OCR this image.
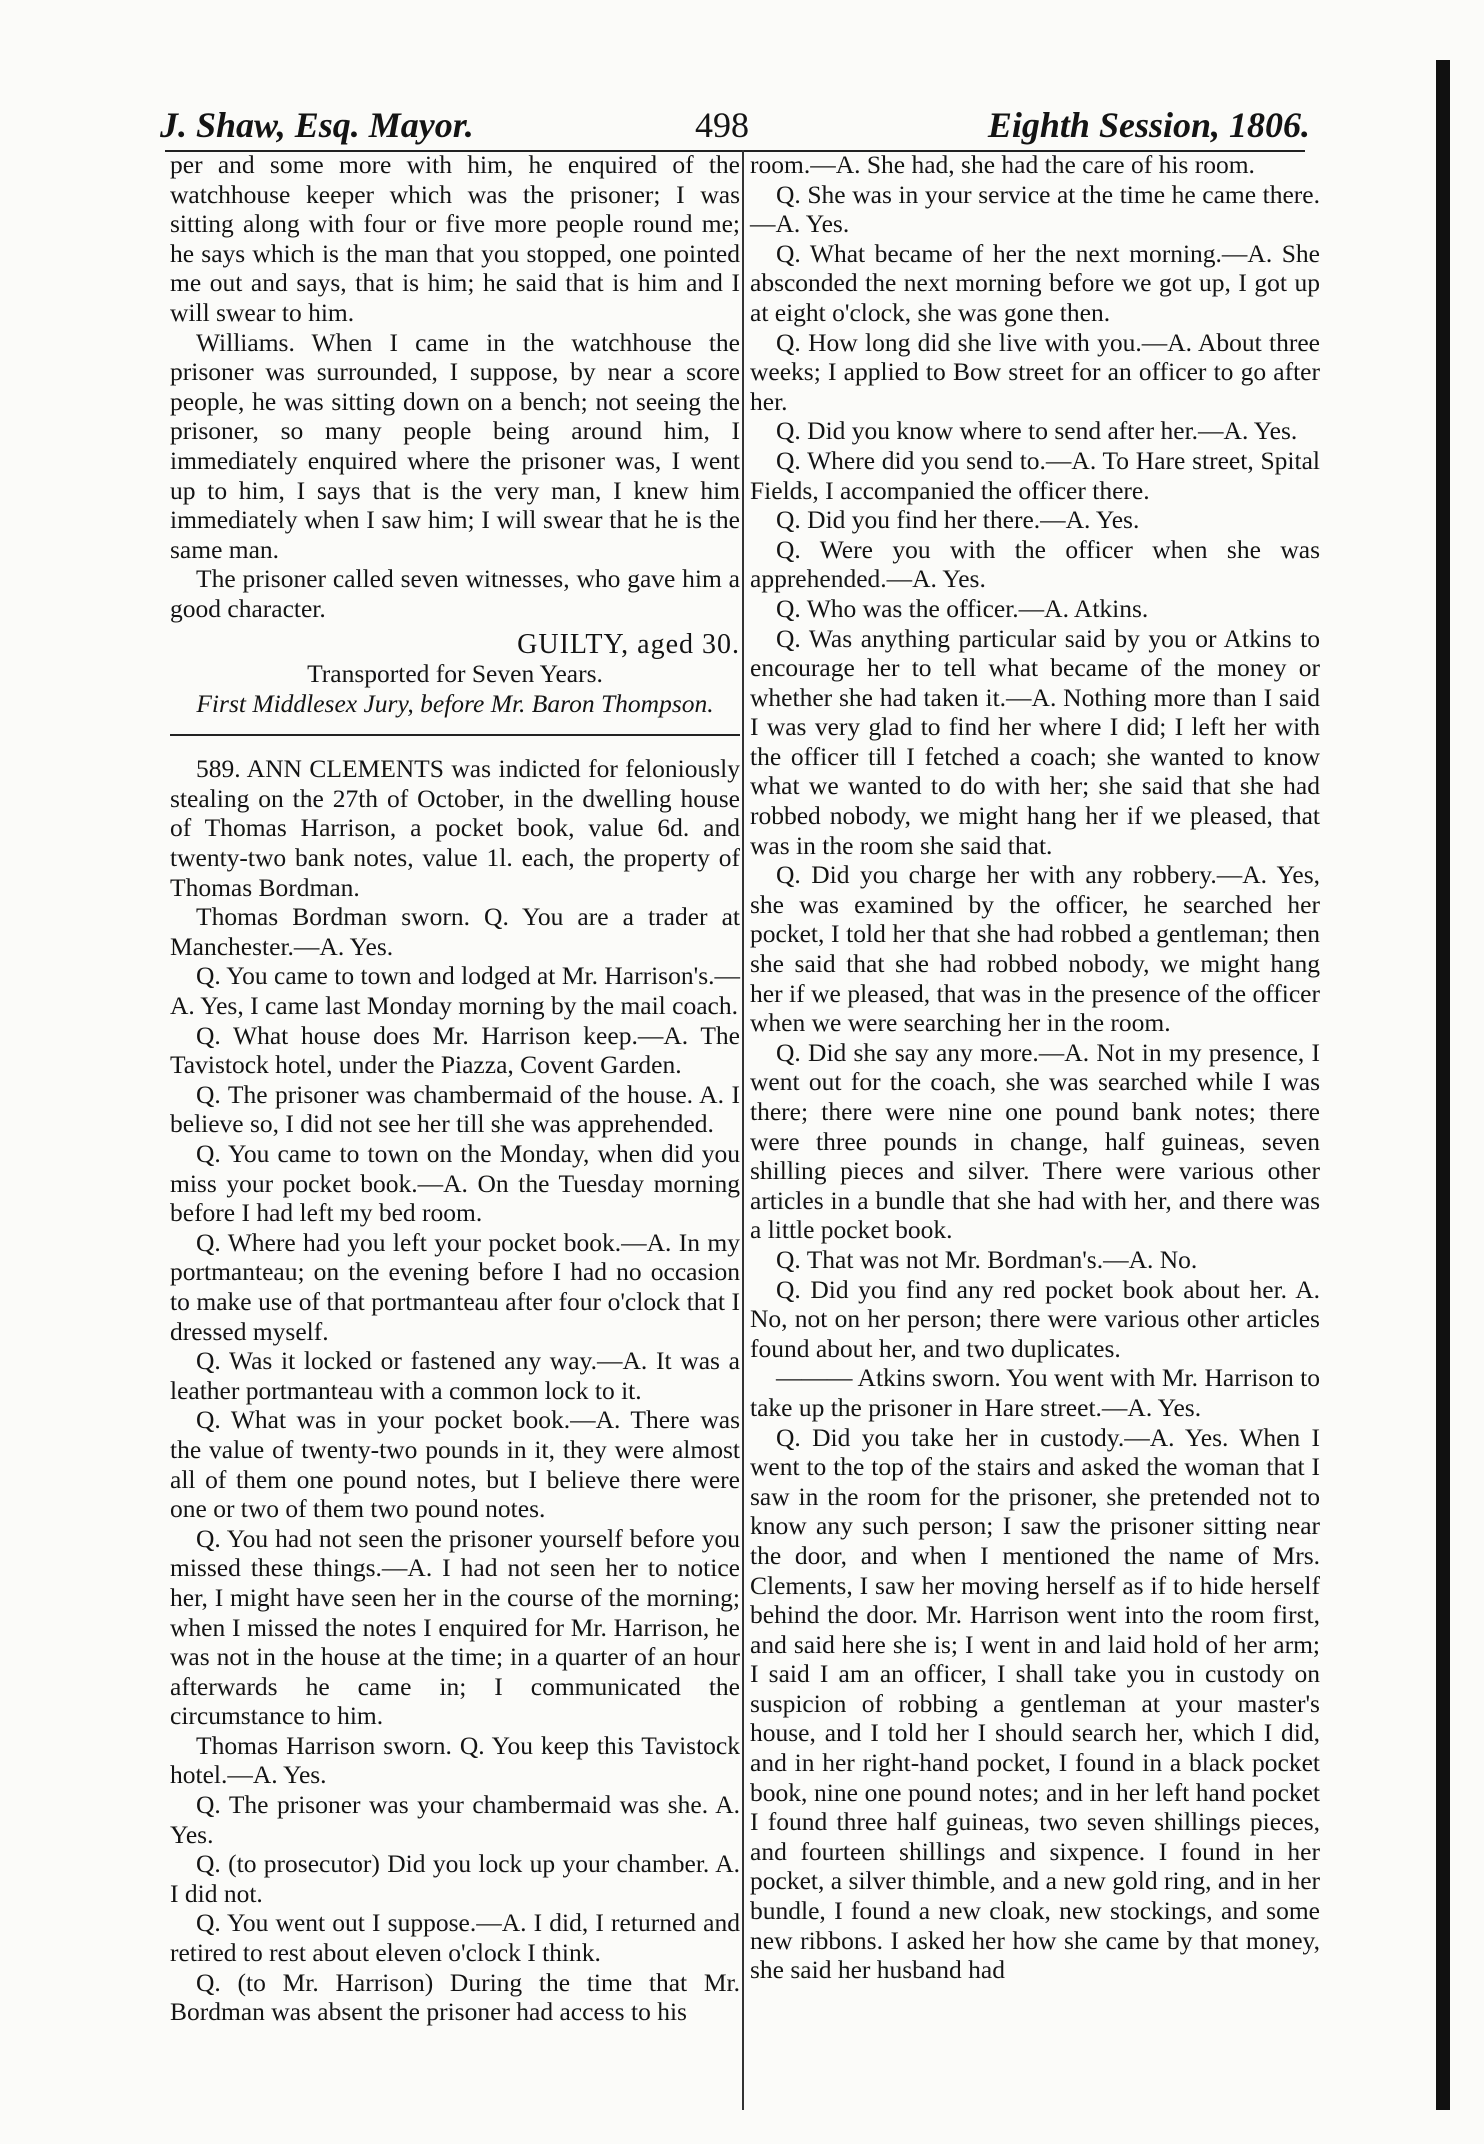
J. Shaw, Esq. Mayor.	498	Eighth Session, 1806.

per and some more with him, he enquired of the watchhouse keeper which was the prisoner; I was sitting along with four or five more people round me; he says which is the man that you stopped, one pointed me out and says, that is him; he said that is him and I will swear to him.

Williams. When I came in the watchhouse the prisoner was surrounded, I suppose, by near a score people, he was sitting down on a bench; not seeing the prisoner, so many people being around him, I immediately enquired where the prisoner was, I went up to him, I says that is the very man, I knew him immediately when I saw him; I will swear that he is the same man.

The prisoner called seven witnesses, who gave him a good character.

GUILTY, aged 30.

Transported for Seven Years.

First Middlesex Jury, before Mr. Baron Thompson.

589. ANN CLEMENTS was indicted for feloniously stealing on the 27th of October, in the dwelling house of Thomas Harrison, a pocket book, value 6d. and twenty-two bank notes, value 1l. each, the property of Thomas Bordman.

Thomas Bordman sworn. Q. You are a trader at Manchester.—A. Yes.

Q. You came to town and lodged at Mr. Harrison's.—A. Yes, I came last Monday morning by the mail coach.

Q. What house does Mr. Harrison keep.—A. The Tavistock hotel, under the Piazza, Covent Garden.

Q. The prisoner was chambermaid of the house. A. I believe so, I did not see her till she was apprehended.

Q. You came to town on the Monday, when did you miss your pocket book.—A. On the Tuesday morning before I had left my bed room.

Q. Where had you left your pocket book.—A. In my portmanteau; on the evening before I had no occasion to make use of that portmanteau after four o'clock that I dressed myself.

Q. Was it locked or fastened any way.—A. It was a leather portmanteau with a common lock to it.

Q. What was in your pocket book.—A. There was the value of twenty-two pounds in it, they were almost all of them one pound notes, but I believe there were one or two of them two pound notes.

Q. You had not seen the prisoner yourself before you missed these things.—A. I had not seen her to notice her, I might have seen her in the course of the morning; when I missed the notes I enquired for Mr. Harrison, he was not in the house at the time; in a quarter of an hour afterwards he came in; I communicated the circumstance to him.

Thomas Harrison sworn. Q. You keep this Tavistock hotel.—A. Yes.

Q. The prisoner was your chambermaid was she. A. Yes.

Q. (to prosecutor) Did you lock up your chamber. A. I did not.

Q. You went out I suppose.—A. I did, I returned and retired to rest about eleven o'clock I think.

Q. (to Mr. Harrison) During the time that Mr. Bordman was absent the prisoner had access to his

room.—A. She had, she had the care of his room.

Q. She was in your service at the time he came there.—A. Yes.

Q. What became of her the next morning.—A. She absconded the next morning before we got up, I got up at eight o'clock, she was gone then.

Q. How long did she live with you.—A. About three weeks; I applied to Bow street for an officer to go after her.

Q. Did you know where to send after her.—A. Yes.

Q. Where did you send to.—A. To Hare street, Spital Fields, I accompanied the officer there.

Q. Did you find her there.—A. Yes.

Q. Were you with the officer when she was apprehended.—A. Yes.

Q. Who was the officer.—A. Atkins.

Q. Was anything particular said by you or Atkins to encourage her to tell what became of the money or whether she had taken it.—A. Nothing more than I said I was very glad to find her where I did; I left her with the officer till I fetched a coach; she wanted to know what we wanted to do with her; she said that she had robbed nobody, we might hang her if we pleased, that was in the room she said that.

Q. Did you charge her with any robbery.—A. Yes, she was examined by the officer, he searched her pocket, I told her that she had robbed a gentleman; then she said that she had robbed nobody, we might hang her if we pleased, that was in the presence of the officer when we were searching her in the room.

Q. Did she say any more.—A. Not in my presence, I went out for the coach, she was searched while I was there; there were nine one pound bank notes; there were three pounds in change, half guineas, seven shilling pieces and silver. There were various other articles in a bundle that she had with her, and there was a little pocket book.

Q. That was not Mr. Bordman's.—A. No.

Q. Did you find any red pocket book about her. A. No, not on her person; there were various other articles found about her, and two duplicates.

——— Atkins sworn. You went with Mr. Harrison to take up the prisoner in Hare street.—A. Yes.

Q. Did you take her in custody.—A. Yes. When I went to the top of the stairs and asked the woman that I saw in the room for the prisoner, she pretended not to know any such person; I saw the prisoner sitting near the door, and when I mentioned the name of Mrs. Clements, I saw her moving herself as if to hide herself behind the door. Mr. Harrison went into the room first, and said here she is; I went in and laid hold of her arm; I said I am an officer, I shall take you in custody on suspicion of robbing a gentleman at your master's house, and I told her I should search her, which I did, and in her right-hand pocket, I found in a black pocket book, nine one pound notes; and in her left hand pocket I found three half guineas, two seven shillings pieces, and fourteen shillings and sixpence. I found in her pocket, a silver thimble, and a new gold ring, and in her bundle, I found a new cloak, new stockings, and some new ribbons. I asked her how she came by that money, she said her husband had
